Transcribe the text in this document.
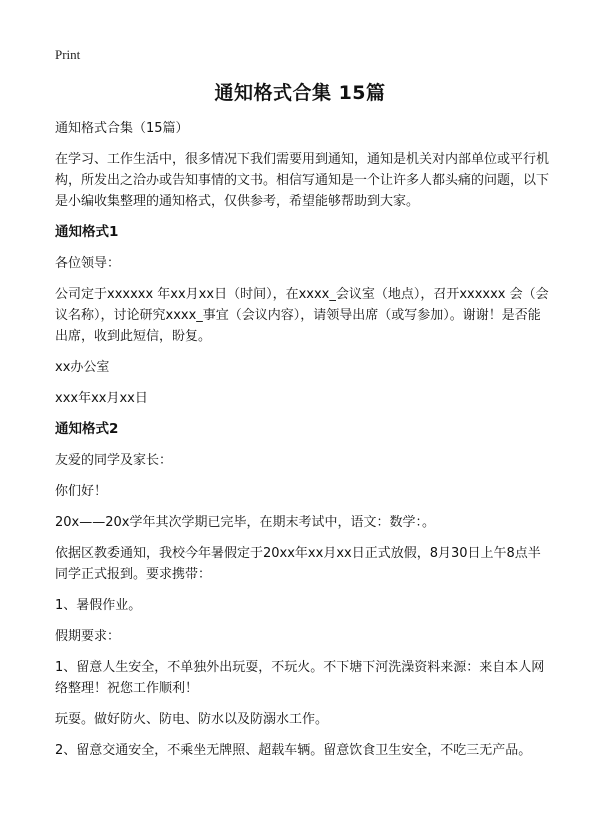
Print
通知格式合集 15篇

通知格式合集（15篇）

在学习、工作生活中，很多情况下我们需要用到通知，通知是机关对内部单位或平行机构，所发出之洽办或告知事情的文书。相信写通知是一个让许多人都头痛的问题，以下是小编收集整理的通知格式，仅供参考，希望能够帮助到大家。

通知格式1

各位领导：

公司定于xxxxxx 年xx月xx日（时间），在xxxx_会议室（地点），召开xxxxxx 会（会议名称），讨论研究xxxx_事宜（会议内容），请领导出席（或写参加）。谢谢！是否能出席，收到此短信，盼复。

xx办公室

xxx年xx月xx日

通知格式2

友爱的同学及家长：

你们好！

20x——20x学年其次学期已完毕，在期末考试中，语文：数学：。

依据区教委通知，我校今年暑假定于20xx年xx月xx日正式放假，8月30日上午8点半同学正式报到。要求携带：

1、暑假作业。

假期要求：

1、留意人生安全，不单独外出玩耍，不玩火。不下塘下河洗澡资料来源：来自本人网络整理！祝您工作顺利！

玩耍。做好防火、防电、防水以及防溺水工作。

2、留意交通安全，不乘坐无牌照、超载车辆。留意饮食卫生安全，不吃三无产品。
